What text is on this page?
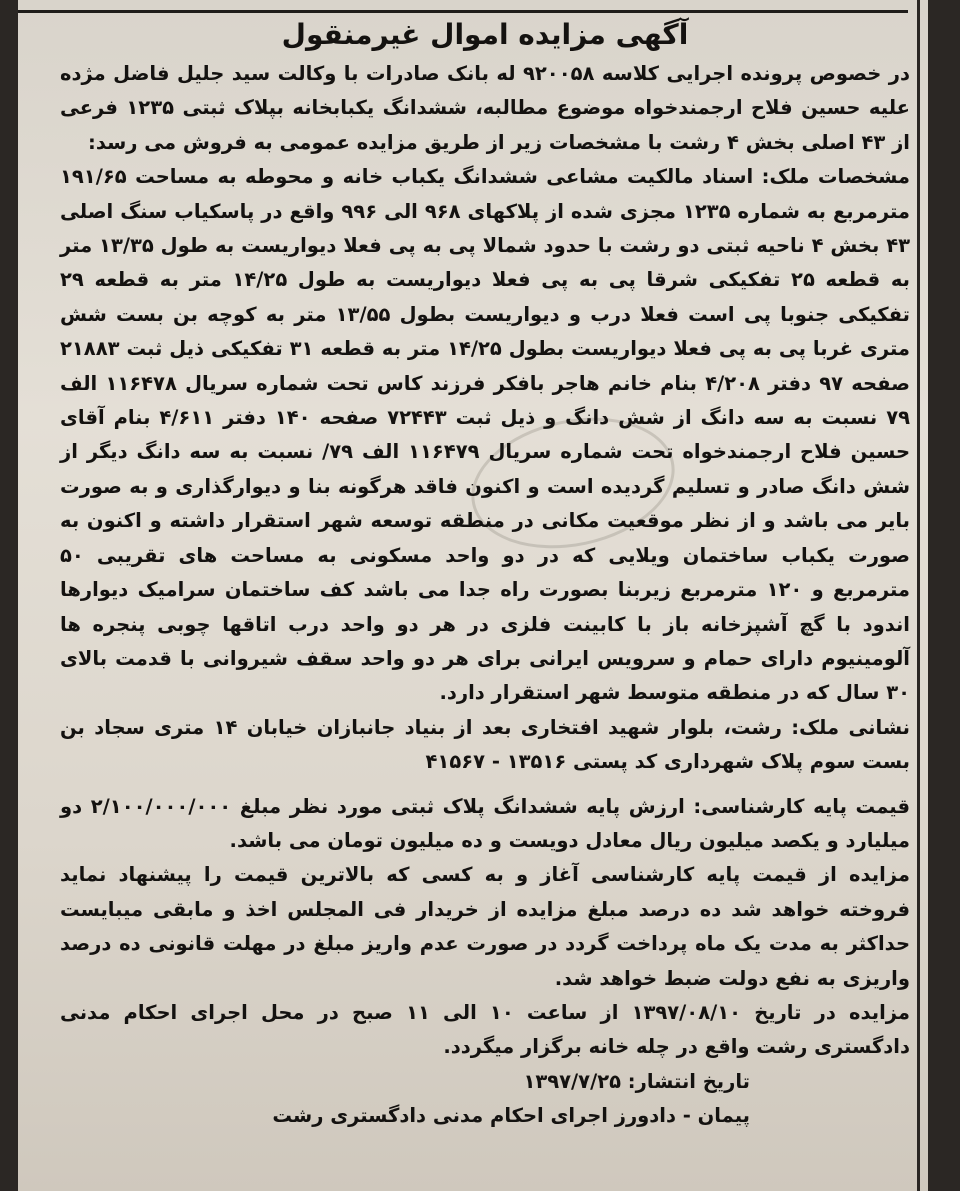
آگهی مزایده اموال غیرمنقول

در خصوص پرونده اجرایی کلاسه ۹۲۰۰۵۸ له بانک صادرات با وکالت سید جلیل فاضل مژده علیه حسین فلاح ارجمندخواه موضوع مطالبه، ششدانگ یکبابخانه بپلاک ثبتی ۱۲۳۵ فرعی از ۴۳ اصلی بخش ۴ رشت با مشخصات زیر از طریق مزایده عمومی به فروش می رسد:

مشخصات ملک: اسناد مالکیت مشاعی ششدانگ یکباب خانه و محوطه به مساحت ۱۹۱/۶۵ مترمربع به شماره ۱۲۳۵ مجزی شده از پلاکهای ۹۶۸ الی ۹۹۶ واقع در پاسکیاب سنگ اصلی ۴۳ بخش ۴ ناحیه ثبتی دو رشت با حدود شمالا پی به پی فعلا دیواریست به طول ۱۳/۳۵ متر به قطعه ۲۵ تفکیکی شرقا پی به پی فعلا دیواریست به طول ۱۴/۲۵ متر به قطعه ۲۹ تفکیکی جنوبا پی است فعلا درب و دیواریست بطول ۱۳/۵۵ متر به کوچه بن بست شش متری غربا پی به پی فعلا دیواریست بطول ۱۴/۲۵ متر به قطعه ۳۱ تفکیکی ذیل ثبت ۲۱۸۸۳ صفحه ۹۷ دفتر ۴/۲۰۸ بنام خانم هاجر بافکر فرزند کاس تحت شماره سریال ۱۱۶۴۷۸ الف ۷۹ نسبت به سه دانگ از شش دانگ و ذیل ثبت ۷۲۴۴۳ صفحه ۱۴۰ دفتر ۴/۶۱۱ بنام آقای حسین فلاح ارجمندخواه تحت شماره سریال ۱۱۶۴۷۹ الف ۷۹/ نسبت به سه دانگ دیگر از شش دانگ صادر و تسلیم گردیده است و اکنون فاقد هرگونه بنا و دیوارگذاری و به صورت بایر می باشد و از نظر موقعیت مکانی در منطقه توسعه شهر استقرار داشته و اکنون به صورت یکباب ساختمان ویلایی که در دو واحد مسکونی به مساحت های تقریبی ۵۰ مترمربع و ۱۲۰ مترمربع زیربنا بصورت راه جدا می باشد کف ساختمان سرامیک دیوارها اندود با گچ آشپزخانه باز با کابینت فلزی در هر دو واحد درب اتاقها چوبی پنجره ها آلومینیوم دارای حمام و سرویس ایرانی برای هر دو واحد سقف شیروانی با قدمت بالای ۳۰ سال که در منطقه متوسط شهر استقرار دارد.

نشانی ملک: رشت، بلوار شهید افتخاری بعد از بنیاد جانبازان خیابان ۱۴ متری سجاد بن بست سوم پلاک شهرداری کد پستی ۱۳۵۱۶ - ۴۱۵۶۷

قیمت پایه کارشناسی: ارزش پایه ششدانگ پلاک ثبتی مورد نظر مبلغ ۲/۱۰۰/۰۰۰/۰۰۰ دو میلیارد و یکصد میلیون ریال معادل دویست و ده میلیون تومان می باشد.

مزایده از قیمت پایه کارشناسی آغاز و به کسی که بالاترین قیمت را پیشنهاد نماید فروخته خواهد شد ده درصد مبلغ مزایده از خریدار فی المجلس اخذ و مابقی میبایست حداکثر به مدت یک ماه پرداخت گردد در صورت عدم واریز مبلغ در مهلت قانونی ده درصد واریزی به نفع دولت ضبط خواهد شد.

مزایده در تاریخ ۱۳۹۷/۰۸/۱۰ از ساعت ۱۰ الی ۱۱ صبح در محل اجرای احکام مدنی دادگستری رشت واقع در چله خانه برگزار میگردد.

تاریخ انتشار: ۱۳۹۷/۷/۲۵
پیمان - دادورز اجرای احکام مدنی دادگستری رشت
